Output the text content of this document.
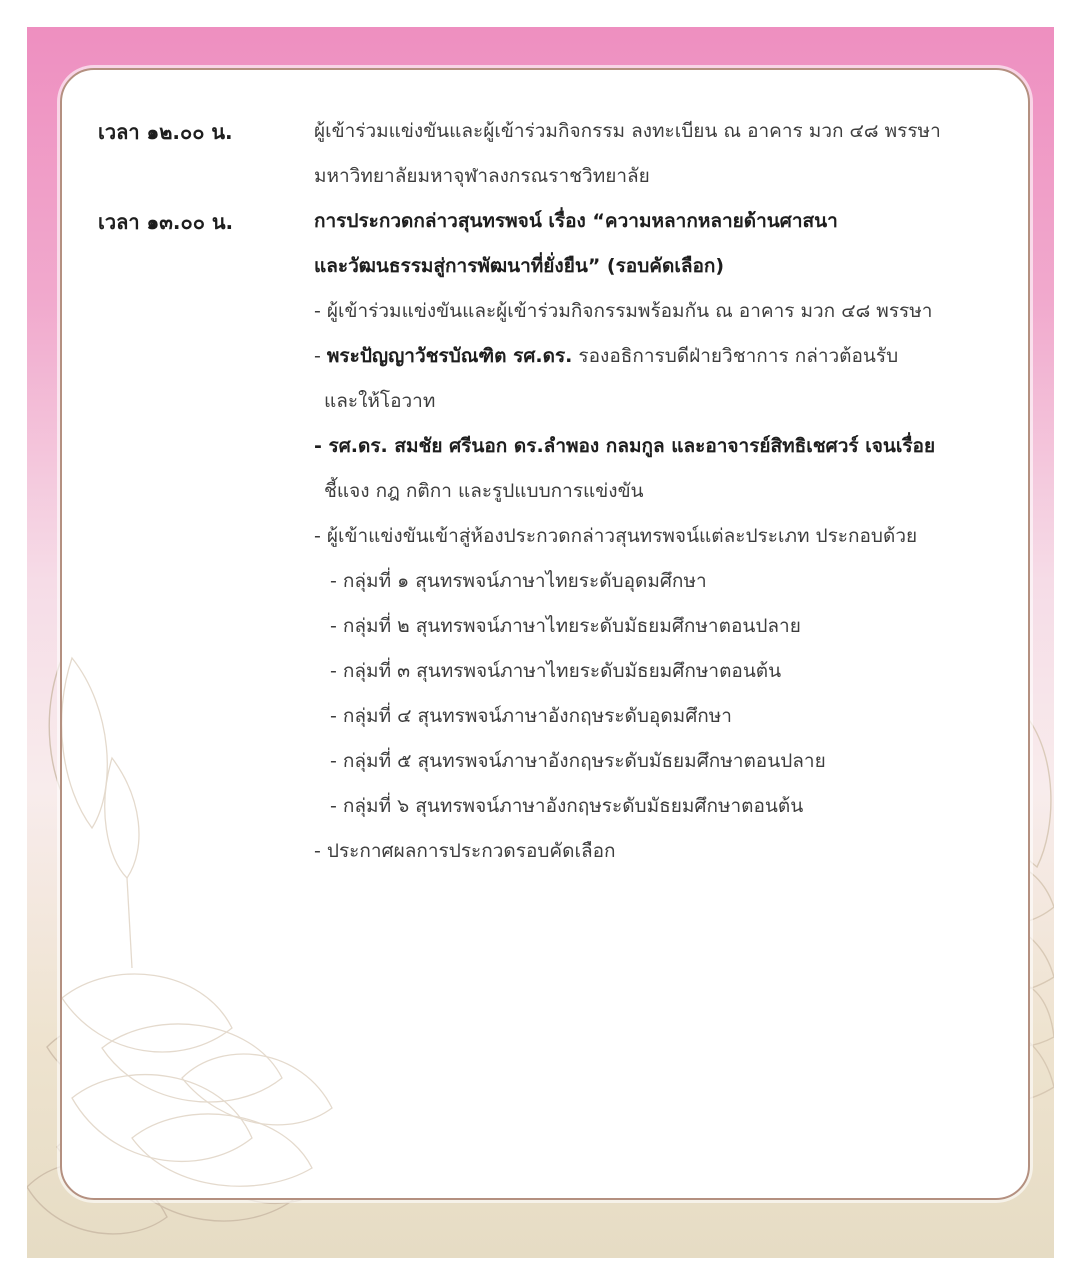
เวลา ๑๒.๐๐ น.	ผู้เข้าร่วมแข่งขันและผู้เข้าร่วมกิจกรรม ลงทะเบียน ณ อาคาร มวก ๔๘ พรรษา
มหาวิทยาลัยมหาจุฬาลงกรณราชวิทยาลัย
เวลา ๑๓.๐๐ น.	การประกวดกล่าวสุนทรพจน์ เรื่อง “ความหลากหลายด้านศาสนา
และวัฒนธรรมสู่การพัฒนาที่ยั่งยืน” (รอบคัดเลือก)
- ผู้เข้าร่วมแข่งขันและผู้เข้าร่วมกิจกรรมพร้อมกัน ณ อาคาร มวก ๔๘ พรรษา
- พระปัญญาวัชรบัณฑิต รศ.ดร. รองอธิการบดีฝ่ายวิชาการ กล่าวต้อนรับ
และให้โอวาท
- รศ.ดร. สมชัย ศรีนอก ดร.ลำพอง กลมกูล และอาจารย์สิทธิเชศวร์ เจนเรื่อย
ชี้แจง กฎ กติกา และรูปแบบการแข่งขัน
- ผู้เข้าแข่งขันเข้าสู่ห้องประกวดกล่าวสุนทรพจน์แต่ละประเภท ประกอบด้วย
- กลุ่มที่ ๑ สุนทรพจน์ภาษาไทยระดับอุดมศึกษา
- กลุ่มที่ ๒ สุนทรพจน์ภาษาไทยระดับมัธยมศึกษาตอนปลาย
- กลุ่มที่ ๓ สุนทรพจน์ภาษาไทยระดับมัธยมศึกษาตอนต้น
- กลุ่มที่ ๔ สุนทรพจน์ภาษาอังกฤษระดับอุดมศึกษา
- กลุ่มที่ ๕ สุนทรพจน์ภาษาอังกฤษระดับมัธยมศึกษาตอนปลาย
- กลุ่มที่ ๖ สุนทรพจน์ภาษาอังกฤษระดับมัธยมศึกษาตอนต้น
- ประกาศผลการประกวดรอบคัดเลือก
